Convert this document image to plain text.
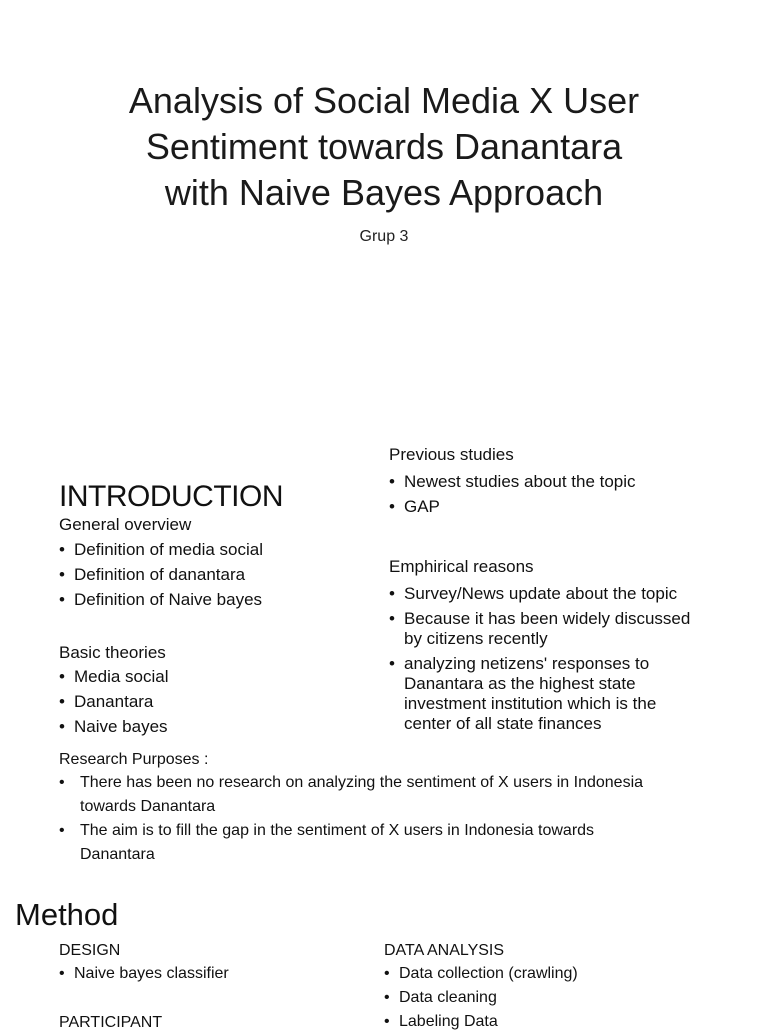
Analysis of Social Media X User
Sentiment towards Danantara
with Naive Bayes Approach
Grup 3
Previous studies
• Newest studies about the topic
• GAP
INTRODUCTION
General overview
• Definition of media social
• Definition of danantara
• Definition of Naive bayes
Emphirical reasons
• Survey/News update about the topic
• Because it has been widely discussed by citizens recently
• analyzing netizens' responses to Danantara as the highest state investment institution which is the center of all state finances
Basic theories
• Media social
• Danantara
• Naive bayes
Research Purposes :
• There has been no research on analyzing the sentiment of X users in Indonesia towards Danantara
• The aim is to fill the gap in the sentiment of X users in Indonesia towards Danantara
Method
DESIGN
• Naive bayes classifier
PARTICIPANT
DATA ANALYSIS
• Data collection (crawling)
• Data cleaning
• Labeling Data
